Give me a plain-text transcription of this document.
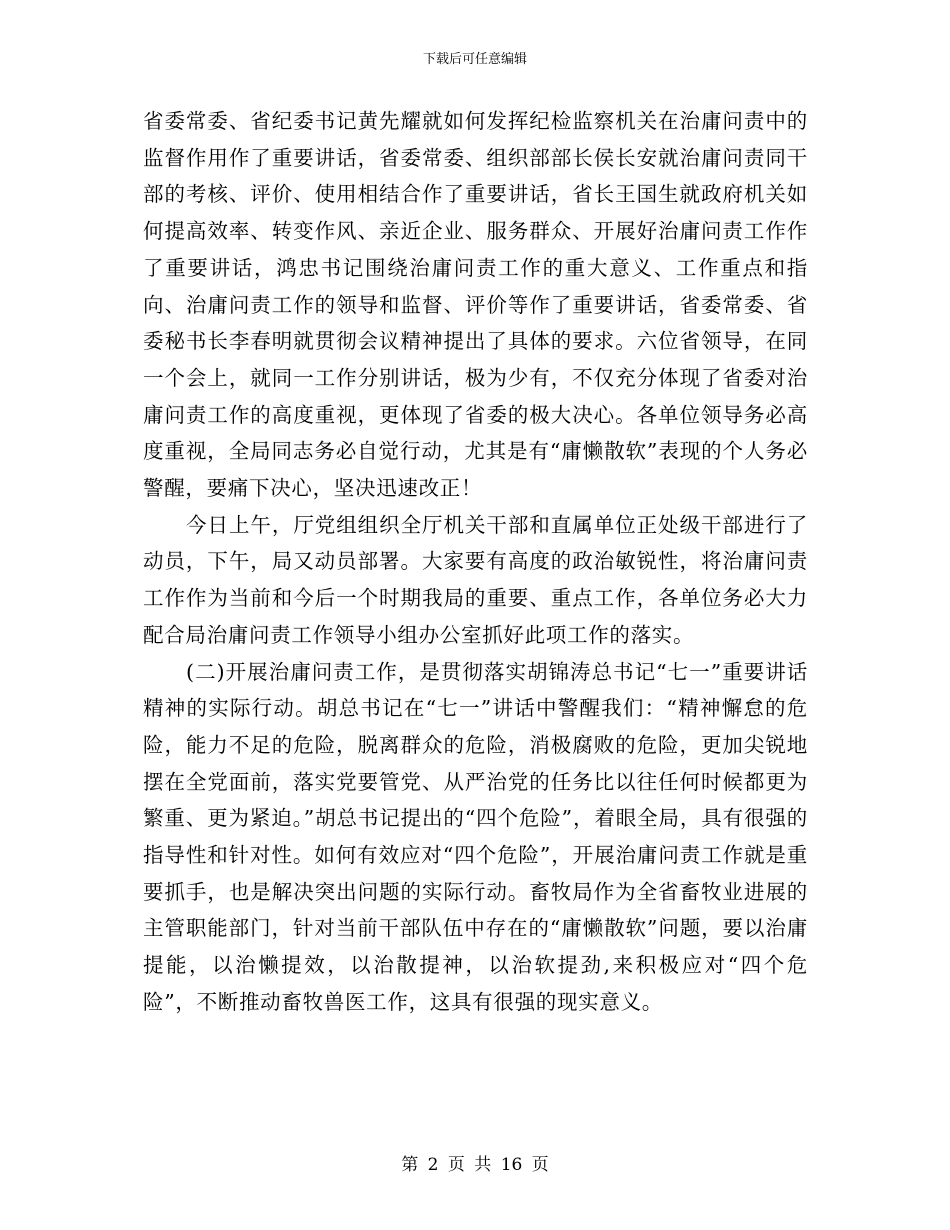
下载后可任意编辑

省委常委、省纪委书记黄先耀就如何发挥纪检监察机关在治庸问责中的监督作用作了重要讲话，省委常委、组织部部长侯长安就治庸问责同干部的考核、评价、使用相结合作了重要讲话，省长王国生就政府机关如何提高效率、转变作风、亲近企业、服务群众、开展好治庸问责工作作了重要讲话，鸿忠书记围绕治庸问责工作的重大意义、工作重点和指向、治庸问责工作的领导和监督、评价等作了重要讲话，省委常委、省委秘书长李春明就贯彻会议精神提出了具体的要求。六位省领导，在同一个会上，就同一工作分别讲话，极为少有，不仅充分体现了省委对治庸问责工作的高度重视，更体现了省委的极大决心。各单位领导务必高度重视，全局同志务必自觉行动，尤其是有“庸懒散软”表现的个人务必警醒，要痛下决心，坚决迅速改正！

今日上午，厅党组组织全厅机关干部和直属单位正处级干部进行了动员，下午，局又动员部署。大家要有高度的政治敏锐性，将治庸问责工作作为当前和今后一个时期我局的重要、重点工作，各单位务必大力配合局治庸问责工作领导小组办公室抓好此项工作的落实。

(二)开展治庸问责工作，是贯彻落实胡锦涛总书记“七一”重要讲话精神的实际行动。胡总书记在“七一”讲话中警醒我们：“精神懈怠的危险，能力不足的危险，脱离群众的危险，消极腐败的危险，更加尖锐地摆在全党面前，落实党要管党、从严治党的任务比以往任何时候都更为繁重、更为紧迫。”胡总书记提出的“四个危险”，着眼全局，具有很强的指导性和针对性。如何有效应对“四个危险”，开展治庸问责工作就是重要抓手，也是解决突出问题的实际行动。畜牧局作为全省畜牧业进展的主管职能部门，针对当前干部队伍中存在的“庸懒散软”问题，要以治庸提能，以治懒提效，以治散提神，以治软提劲,来积极应对“四个危险”，不断推动畜牧兽医工作，这具有很强的现实意义。

第 2 页 共 16 页
